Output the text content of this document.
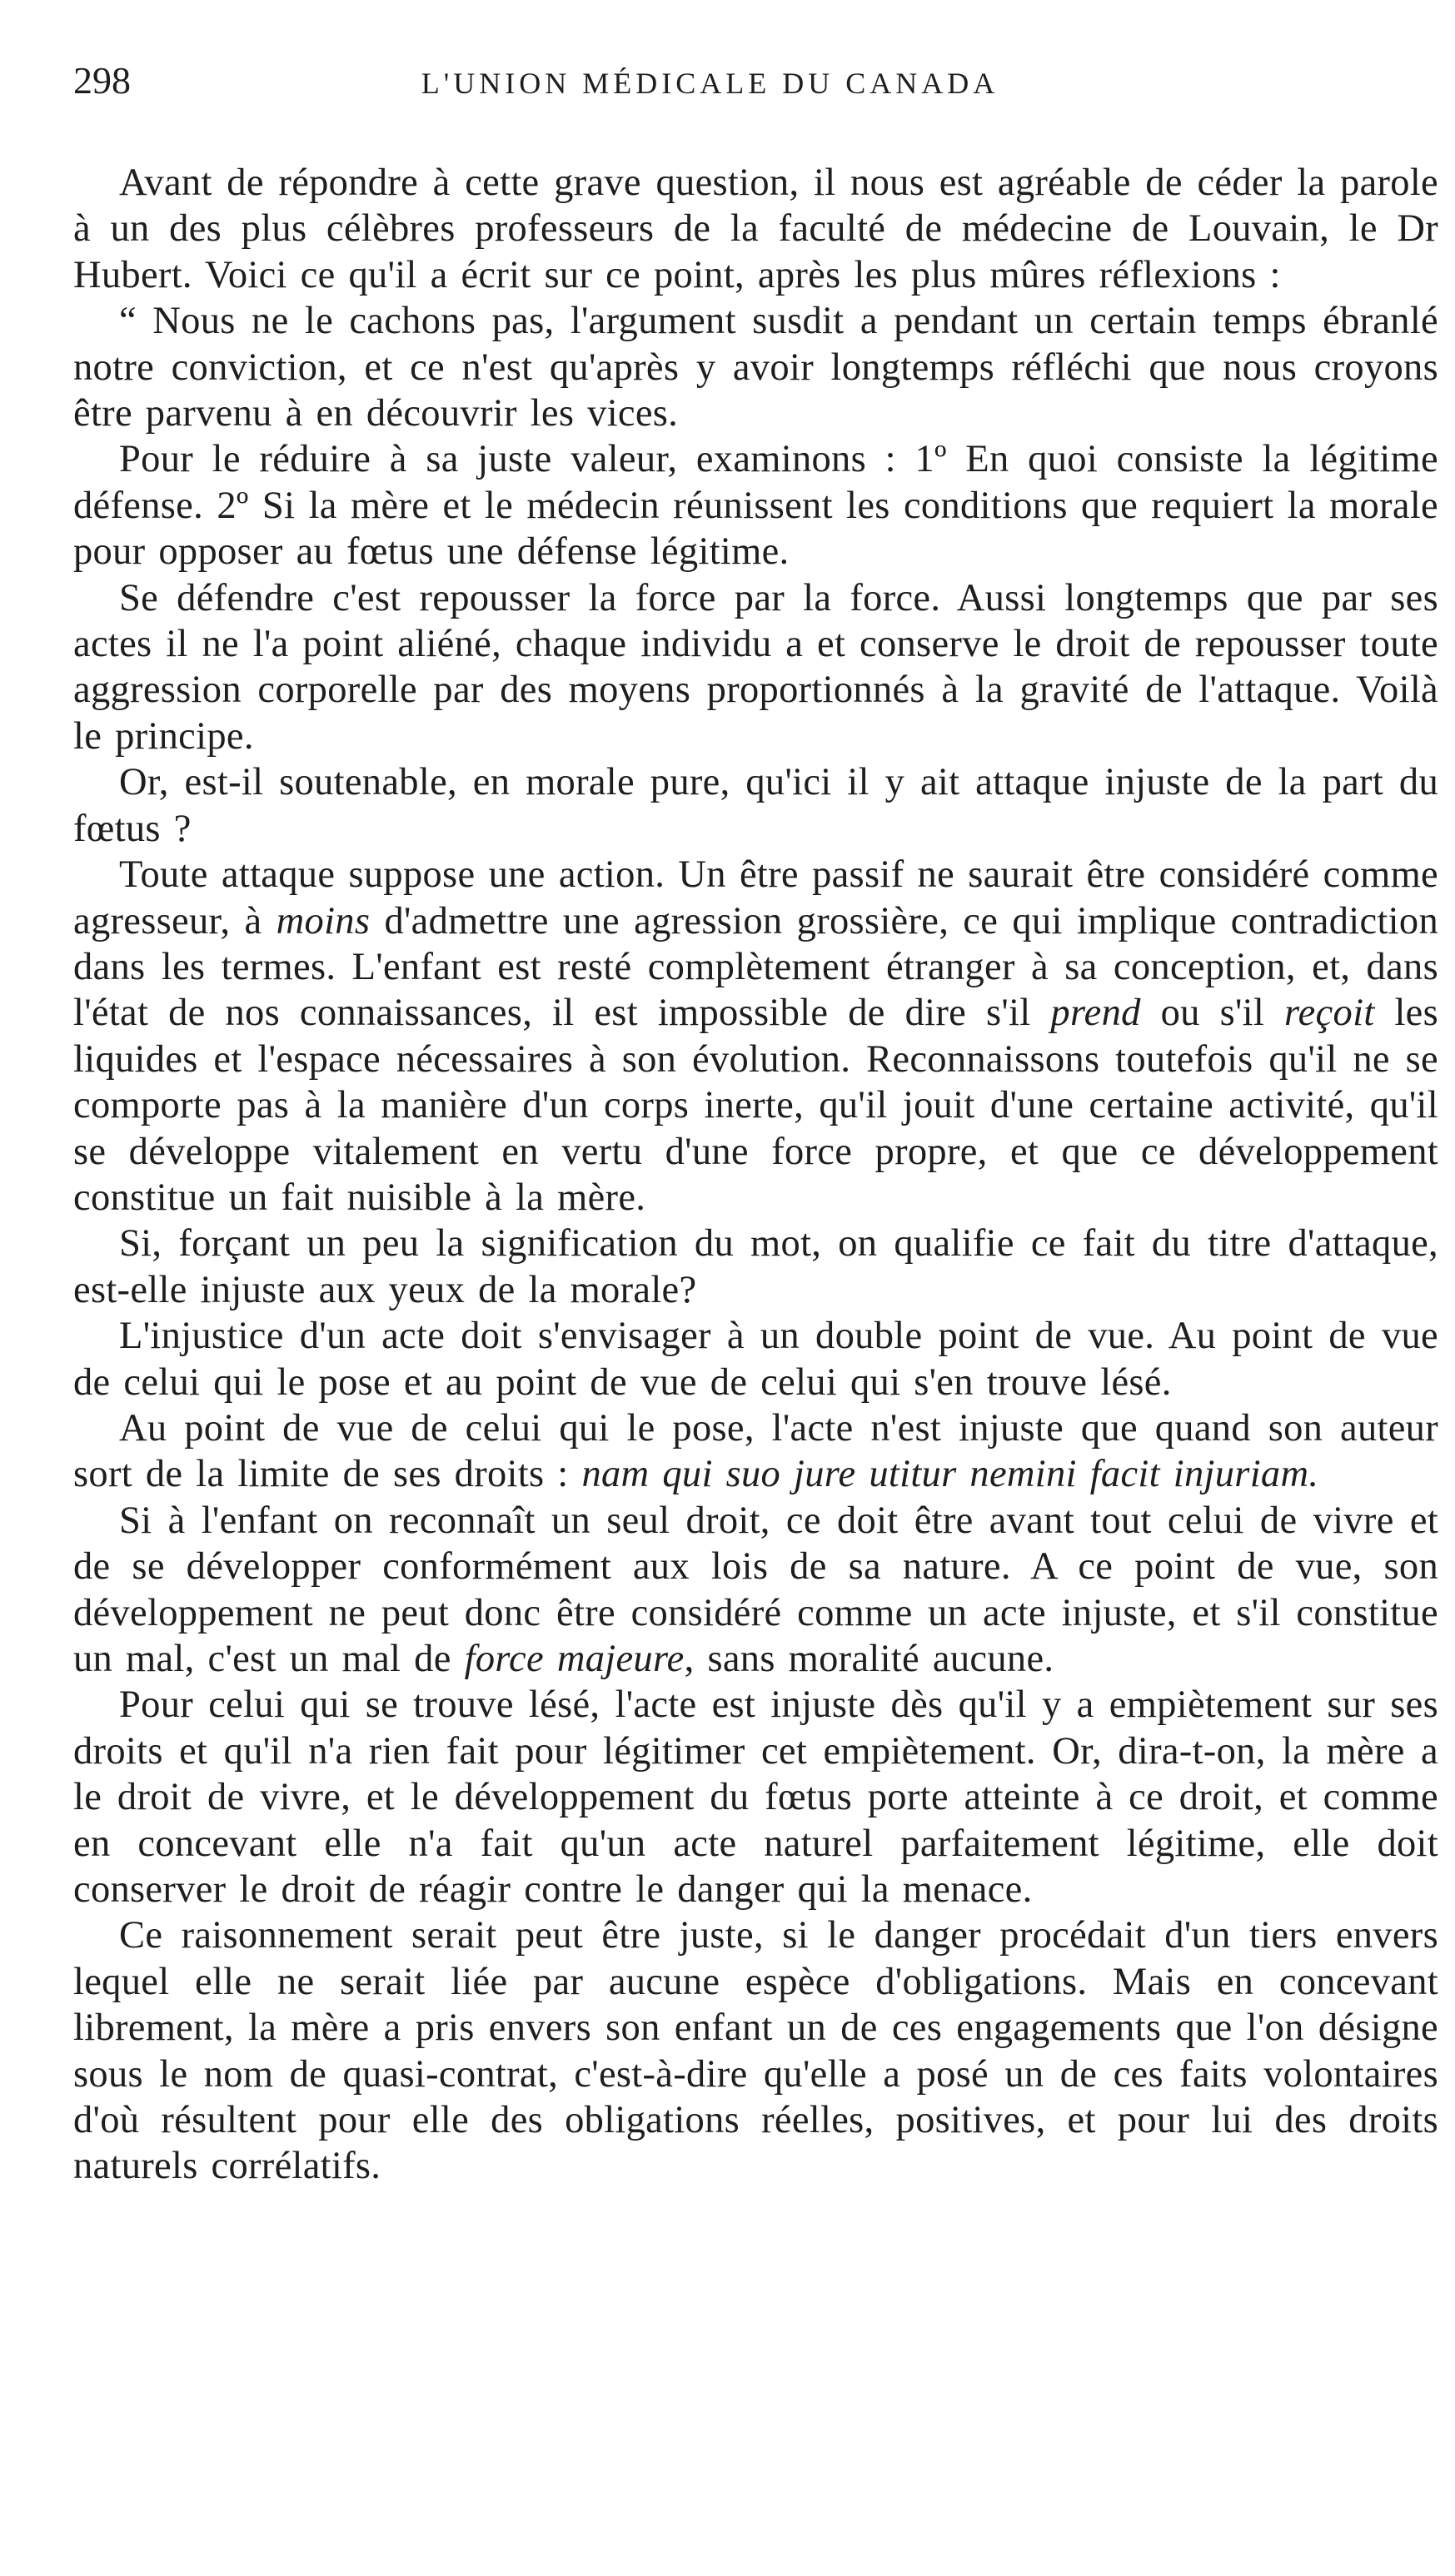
298	L'UNION MÉDICALE DU CANADA

Avant de répondre à cette grave question, il nous est agréable de céder la parole à un des plus célèbres professeurs de la faculté de médecine de Louvain, le Dr Hubert. Voici ce qu'il a écrit sur ce point, après les plus mûres réflexions :

“ Nous ne le cachons pas, l'argument susdit a pendant un certain temps ébranlé notre conviction, et ce n'est qu'après y avoir longtemps réfléchi que nous croyons être parvenu à en découvrir les vices.

Pour le réduire à sa juste valeur, examinons : 1º En quoi consiste la légitime défense. 2º Si la mère et le médecin réunissent les conditions que requiert la morale pour opposer au fœtus une défense légitime.

Se défendre c'est repousser la force par la force. Aussi longtemps que par ses actes il ne l'a point aliéné, chaque individu a et conserve le droit de repousser toute aggression corporelle par des moyens proportionnés à la gravité de l'attaque. Voilà le principe.

Or, est-il soutenable, en morale pure, qu'ici il y ait attaque injuste de la part du fœtus ?

Toute attaque suppose une action. Un être passif ne saurait être considéré comme agresseur, à moins d'admettre une agression grossière, ce qui implique contradiction dans les termes. L'enfant est resté complètement étranger à sa conception, et, dans l'état de nos connaissances, il est impossible de dire s'il prend ou s'il reçoit les liquides et l'espace nécessaires à son évolution. Reconnaissons toutefois qu'il ne se comporte pas à la manière d'un corps inerte, qu'il jouit d'une certaine activité, qu'il se développe vitalement en vertu d'une force propre, et que ce développement constitue un fait nuisible à la mère.

Si, forçant un peu la signification du mot, on qualifie ce fait du titre d'attaque, est-elle injuste aux yeux de la morale?

L'injustice d'un acte doit s'envisager à un double point de vue. Au point de vue de celui qui le pose et au point de vue de celui qui s'en trouve lésé.

Au point de vue de celui qui le pose, l'acte n'est injuste que quand son auteur sort de la limite de ses droits : nam qui suo jure utitur nemini facit injuriam.

Si à l'enfant on reconnaît un seul droit, ce doit être avant tout celui de vivre et de se développer conformément aux lois de sa nature. A ce point de vue, son développement ne peut donc être considéré comme un acte injuste, et s'il constitue un mal, c'est un mal de force majeure, sans moralité aucune.

Pour celui qui se trouve lésé, l'acte est injuste dès qu'il y a empiètement sur ses droits et qu'il n'a rien fait pour légitimer cet empiètement. Or, dira-t-on, la mère a le droit de vivre, et le développement du fœtus porte atteinte à ce droit, et comme en concevant elle n'a fait qu'un acte naturel parfaitement légitime, elle doit conserver le droit de réagir contre le danger qui la menace.

Ce raisonnement serait peut être juste, si le danger procédait d'un tiers envers lequel elle ne serait liée par aucune espèce d'obligations. Mais en concevant librement, la mère a pris envers son enfant un de ces engagements que l'on désigne sous le nom de quasi-contrat, c'est-à-dire qu'elle a posé un de ces faits volontaires d'où résultent pour elle des obligations réelles, positives, et pour lui des droits naturels corrélatifs.
